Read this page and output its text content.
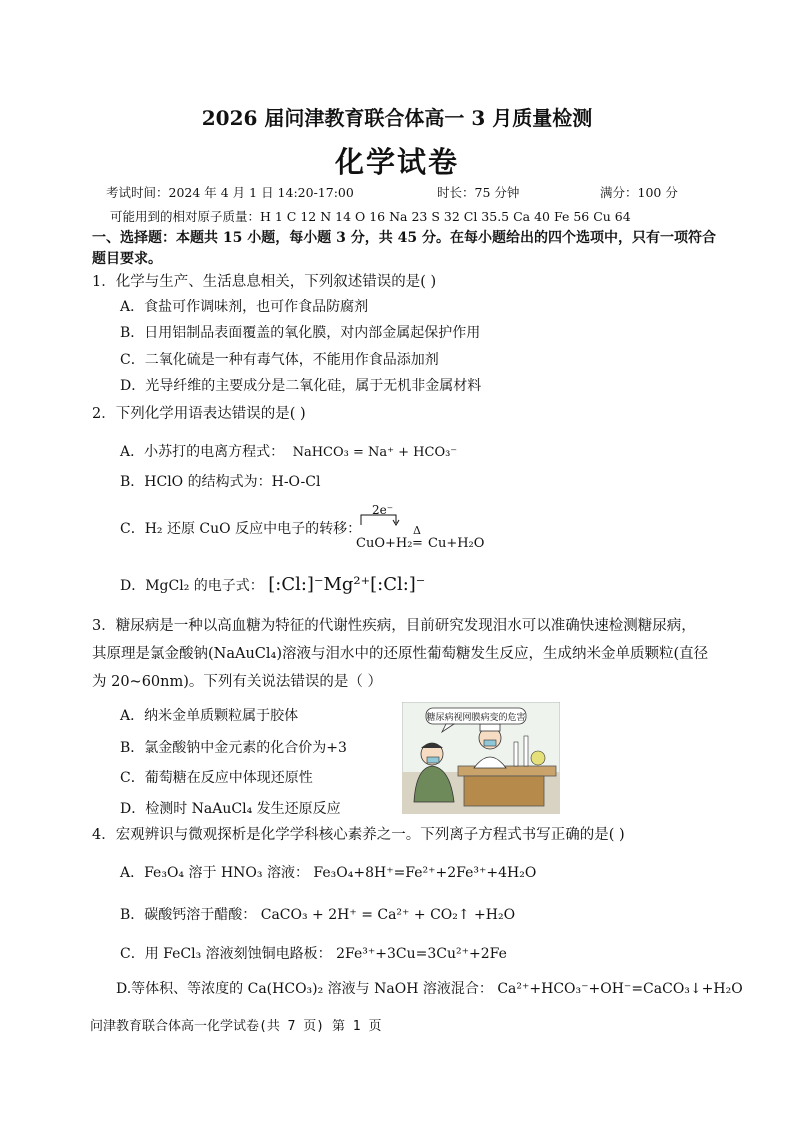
2026 届问津教育联合体高一 3 月质量检测
化学试卷
考试时间：2024 年 4 月 1 日 14:20-17:00	时长：75 分钟	满分：100 分
可能用到的相对原子质量：H 1 C 12 N 14 O 16 Na 23 S 32 Cl 35.5 Ca 40 Fe 56 Cu 64
一、选择题：本题共 15 小题，每小题 3 分，共 45 分。在每小题给出的四个选项中，只有一项符合题目要求。
1．化学与生产、生活息息相关，下列叙述错误的是( )
A．食盐可作调味剂，也可作食品防腐剂
B．日用铝制品表面覆盖的氧化膜，对内部金属起保护作用
C．二氧化硫是一种有毒气体，不能用作食品添加剂
D．光导纤维的主要成分是二氧化硅，属于无机非金属材料
2．下列化学用语表达错误的是( )
A．小苏打的电离方程式： NaHCO₃ = Na⁺ + HCO₃⁻
B．HClO 的结构式为：H-O-Cl
C．H₂ 还原 CuO 反应中电子的转移：
2e⁻
CuO+H₂
Δ
= Cu+H₂O
D．MgCl₂ 的电子式： [:Cl:]⁻Mg²⁺[:Cl:]⁻
3．糖尿病是一种以高血糖为特征的代谢性疾病，目前研究发现泪水可以准确快速检测糖尿病，
其原理是氯金酸钠(NaAuCl₄)溶液与泪水中的还原性葡萄糖发生反应，生成纳米金单质颗粒(直径
为 20~60nm)。下列有关说法错误的是（ ）
A．纳米金单质颗粒属于胶体
B．氯金酸钠中金元素的化合价为+3
C．葡萄糖在反应中体现还原性
D．检测时 NaAuCl₄ 发生还原反应
糖尿病视网膜病变的危害
4．宏观辨识与微观探析是化学学科核心素养之一。下列离子方程式书写正确的是( )
A．Fe₃O₄ 溶于 HNO₃ 溶液： Fe₃O₄+8H⁺=Fe²⁺+2Fe³⁺+4H₂O
B．碳酸钙溶于醋酸： CaCO₃ + 2H⁺ = Ca²⁺ + CO₂↑ +H₂O
C．用 FeCl₃ 溶液刻蚀铜电路板： 2Fe³⁺+3Cu=3Cu²⁺+2Fe
D.等体积、等浓度的 Ca(HCO₃)₂ 溶液与 NaOH 溶液混合： Ca²⁺+HCO₃⁻+OH⁻=CaCO₃↓+H₂O
问津教育联合体高一化学试卷(共 7 页) 第 1 页
